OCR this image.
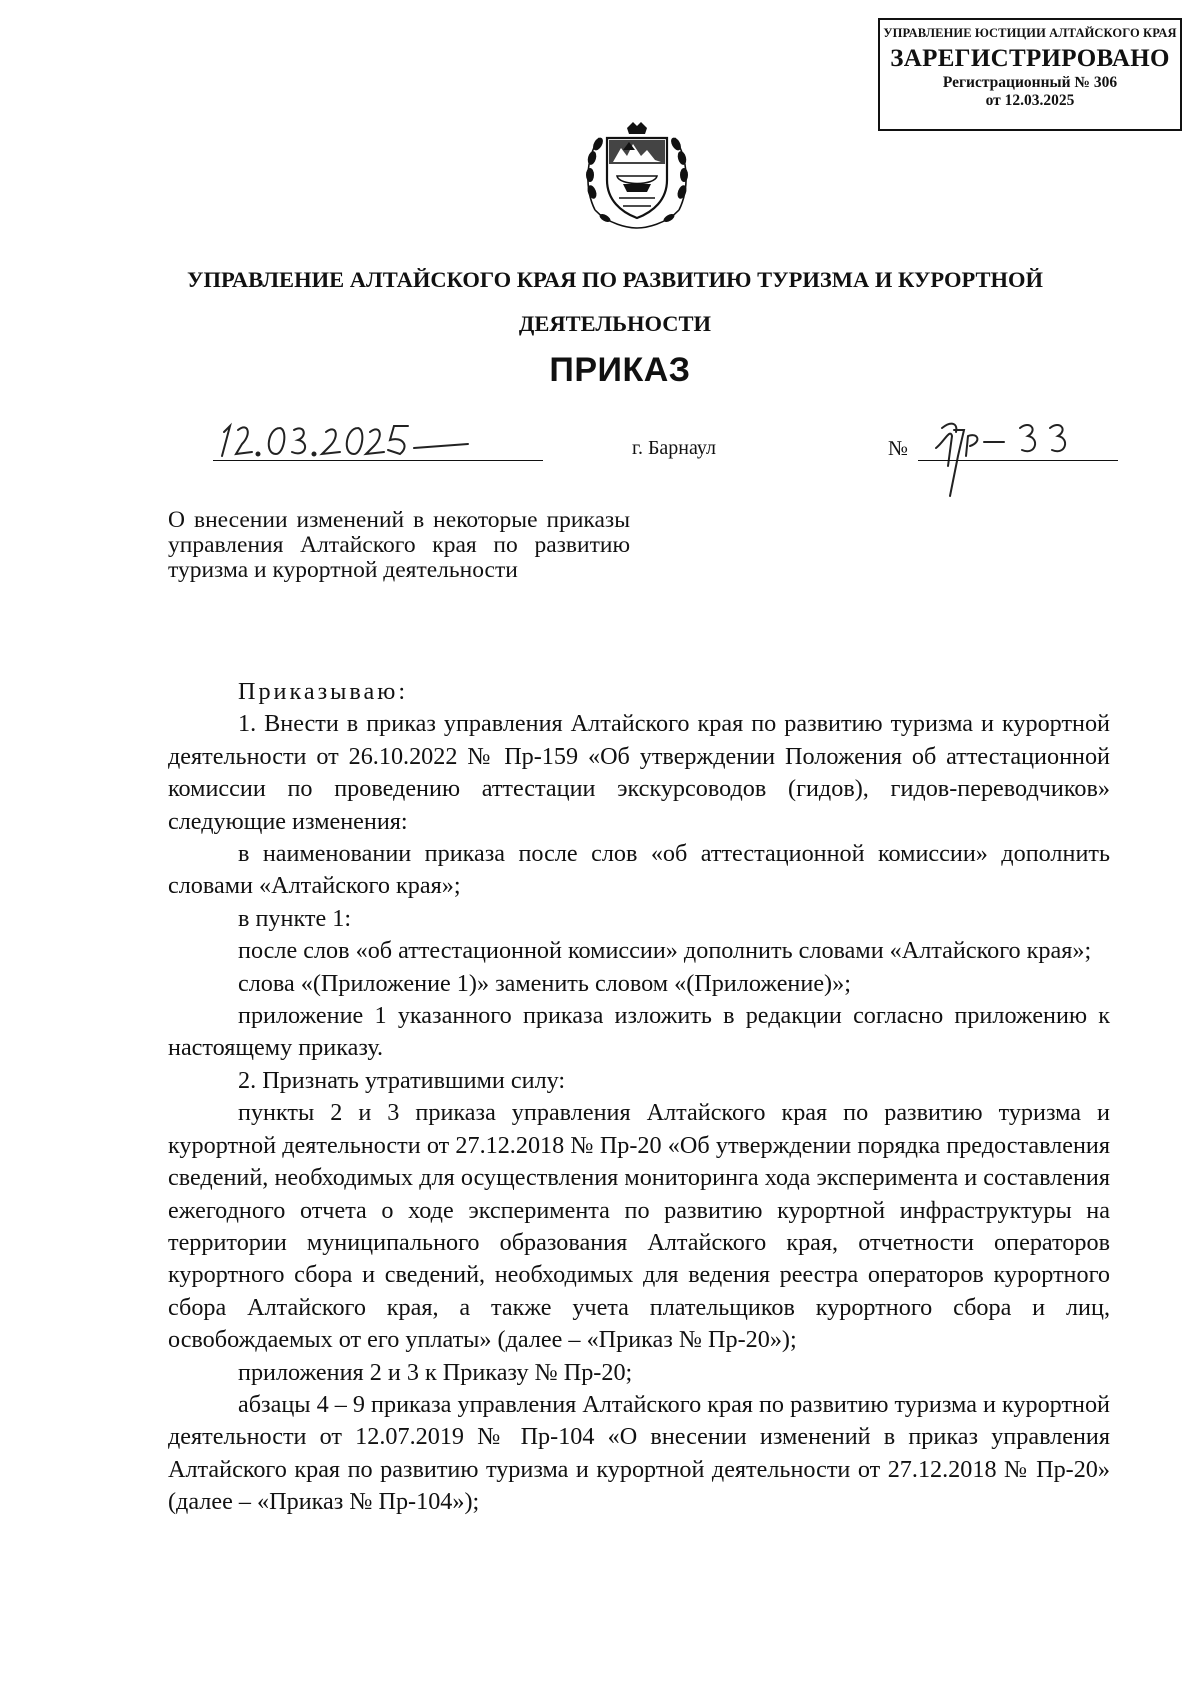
УПРАВЛЕНИЕ ЮСТИЦИИ АЛТАЙСКОГО КРАЯ
ЗАРЕГИСТРИРОВАНО
Регистрационный № 306
от 12.03.2025
УПРАВЛЕНИЕ АЛТАЙСКОГО КРАЯ ПО РАЗВИТИЮ ТУРИЗМА И КУРОРТНОЙ ДЕЯТЕЛЬНОСТИ
ПРИКАЗ
г. Барнаул	№
О внесении изменений в некоторые приказы управления Алтайского края по развитию туризма и курортной деятельности
Приказываю:
1. Внести в приказ управления Алтайского края по развитию туризма и курортной деятельности от 26.10.2022 № Пр-159 «Об утверждении Положения об аттестационной комиссии по проведению аттестации экскурсоводов (гидов), гидов-переводчиков» следующие изменения:
в наименовании приказа после слов «об аттестационной комиссии» дополнить словами «Алтайского края»;
в пункте 1:
после слов «об аттестационной комиссии» дополнить словами «Алтайского края»;
слова «(Приложение 1)» заменить словом «(Приложение)»;
приложение 1 указанного приказа изложить в редакции согласно приложению к настоящему приказу.
2. Признать утратившими силу:
пункты 2 и 3 приказа управления Алтайского края по развитию туризма и курортной деятельности от 27.12.2018 № Пр-20 «Об утверждении порядка предоставления сведений, необходимых для осуществления мониторинга хода эксперимента и составления ежегодного отчета о ходе эксперимента по развитию курортной инфраструктуры на территории муниципального образования Алтайского края, отчетности операторов курортного сбора и сведений, необходимых для ведения реестра операторов курортного сбора Алтайского края, а также учета плательщиков курортного сбора и лиц, освобождаемых от его уплаты» (далее – «Приказ № Пр-20»);
приложения 2 и 3 к Приказу № Пр-20;
абзацы 4 – 9 приказа управления Алтайского края по развитию туризма и курортной деятельности от 12.07.2019 № Пр-104 «О внесении изменений в приказ управления Алтайского края по развитию туризма и курортной деятельности от 27.12.2018 № Пр-20» (далее – «Приказ № Пр-104»);
